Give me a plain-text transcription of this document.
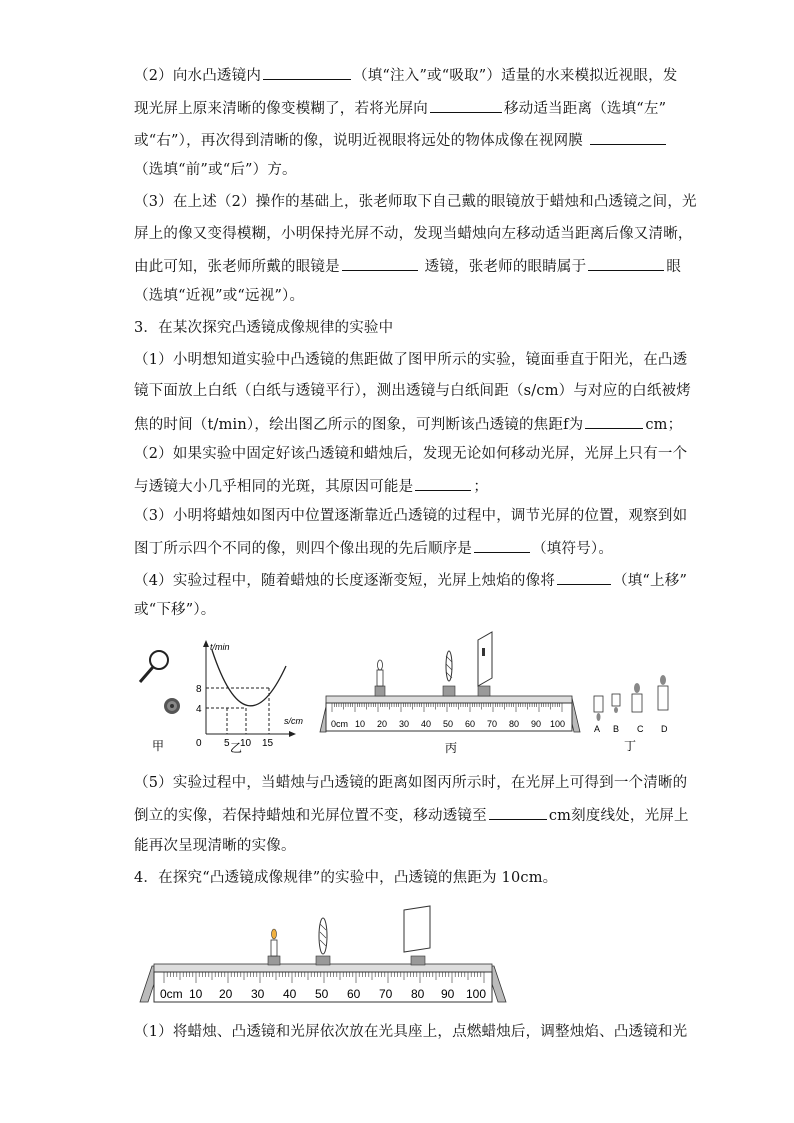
（2）向水凸透镜内	（填“注入”或“吸取”）适量的水来模拟近视眼，发
现光屏上原来清晰的像变模糊了，若将光屏向	移动适当距离（选填“左”
或“右”），再次得到清晰的像，说明近视眼将远处的物体成像在视网膜
（选填“前”或“后”）方。
（3）在上述（2）操作的基础上，张老师取下自己戴的眼镜放于蜡烛和凸透镜之间，光
屏上的像又变得模糊，小明保持光屏不动，发现当蜡烛向左移动适当距离后像又清晰，
由此可知，张老师所戴的眼镜是	透镜，张老师的眼睛属于	眼
（选填“近视”或“远视”）。
3．在某次探究凸透镜成像规律的实验中
（1）小明想知道实验中凸透镜的焦距做了图甲所示的实验，镜面垂直于阳光，在凸透
镜下面放上白纸（白纸与透镜平行），测出透镜与白纸间距（s/cm）与对应的白纸被烤
焦的时间（t/min），绘出图乙所示的图象，可判断该凸透镜的焦距f为	cm；
（2）如果实验中固定好该凸透镜和蜡烛后，发现无论如何移动光屏，光屏上只有一个
与透镜大小几乎相同的光斑，其原因可能是	；
（3）小明将蜡烛如图丙中位置逐渐靠近凸透镜的过程中，调节光屏的位置，观察到如
图丁所示四个不同的像，则四个像出现的先后顺序是	（填符号）。
（4）实验过程中，随着蜡烛的长度逐渐变短，光屏上烛焰的像将	（填“上移”
或“下移”）。
甲
t/min
s/cm
0
4
8
5 10 15
乙
0cm 10 20 30 40 50 60 70 80 90 100
丙
A B C D
丁
（5）实验过程中，当蜡烛与凸透镜的距离如图丙所示时，在光屏上可得到一个清晰的
倒立的实像，若保持蜡烛和光屏位置不变，移动透镜至	cm刻度线处，光屏上
能再次呈现清晰的实像。
4．在探究“凸透镜成像规律”的实验中，凸透镜的焦距为 10cm。
0cm 10 20 30 40 50 60 70 80 90 100
（1）将蜡烛、凸透镜和光屏依次放在光具座上，点燃蜡烛后，调整烛焰、凸透镜和光
